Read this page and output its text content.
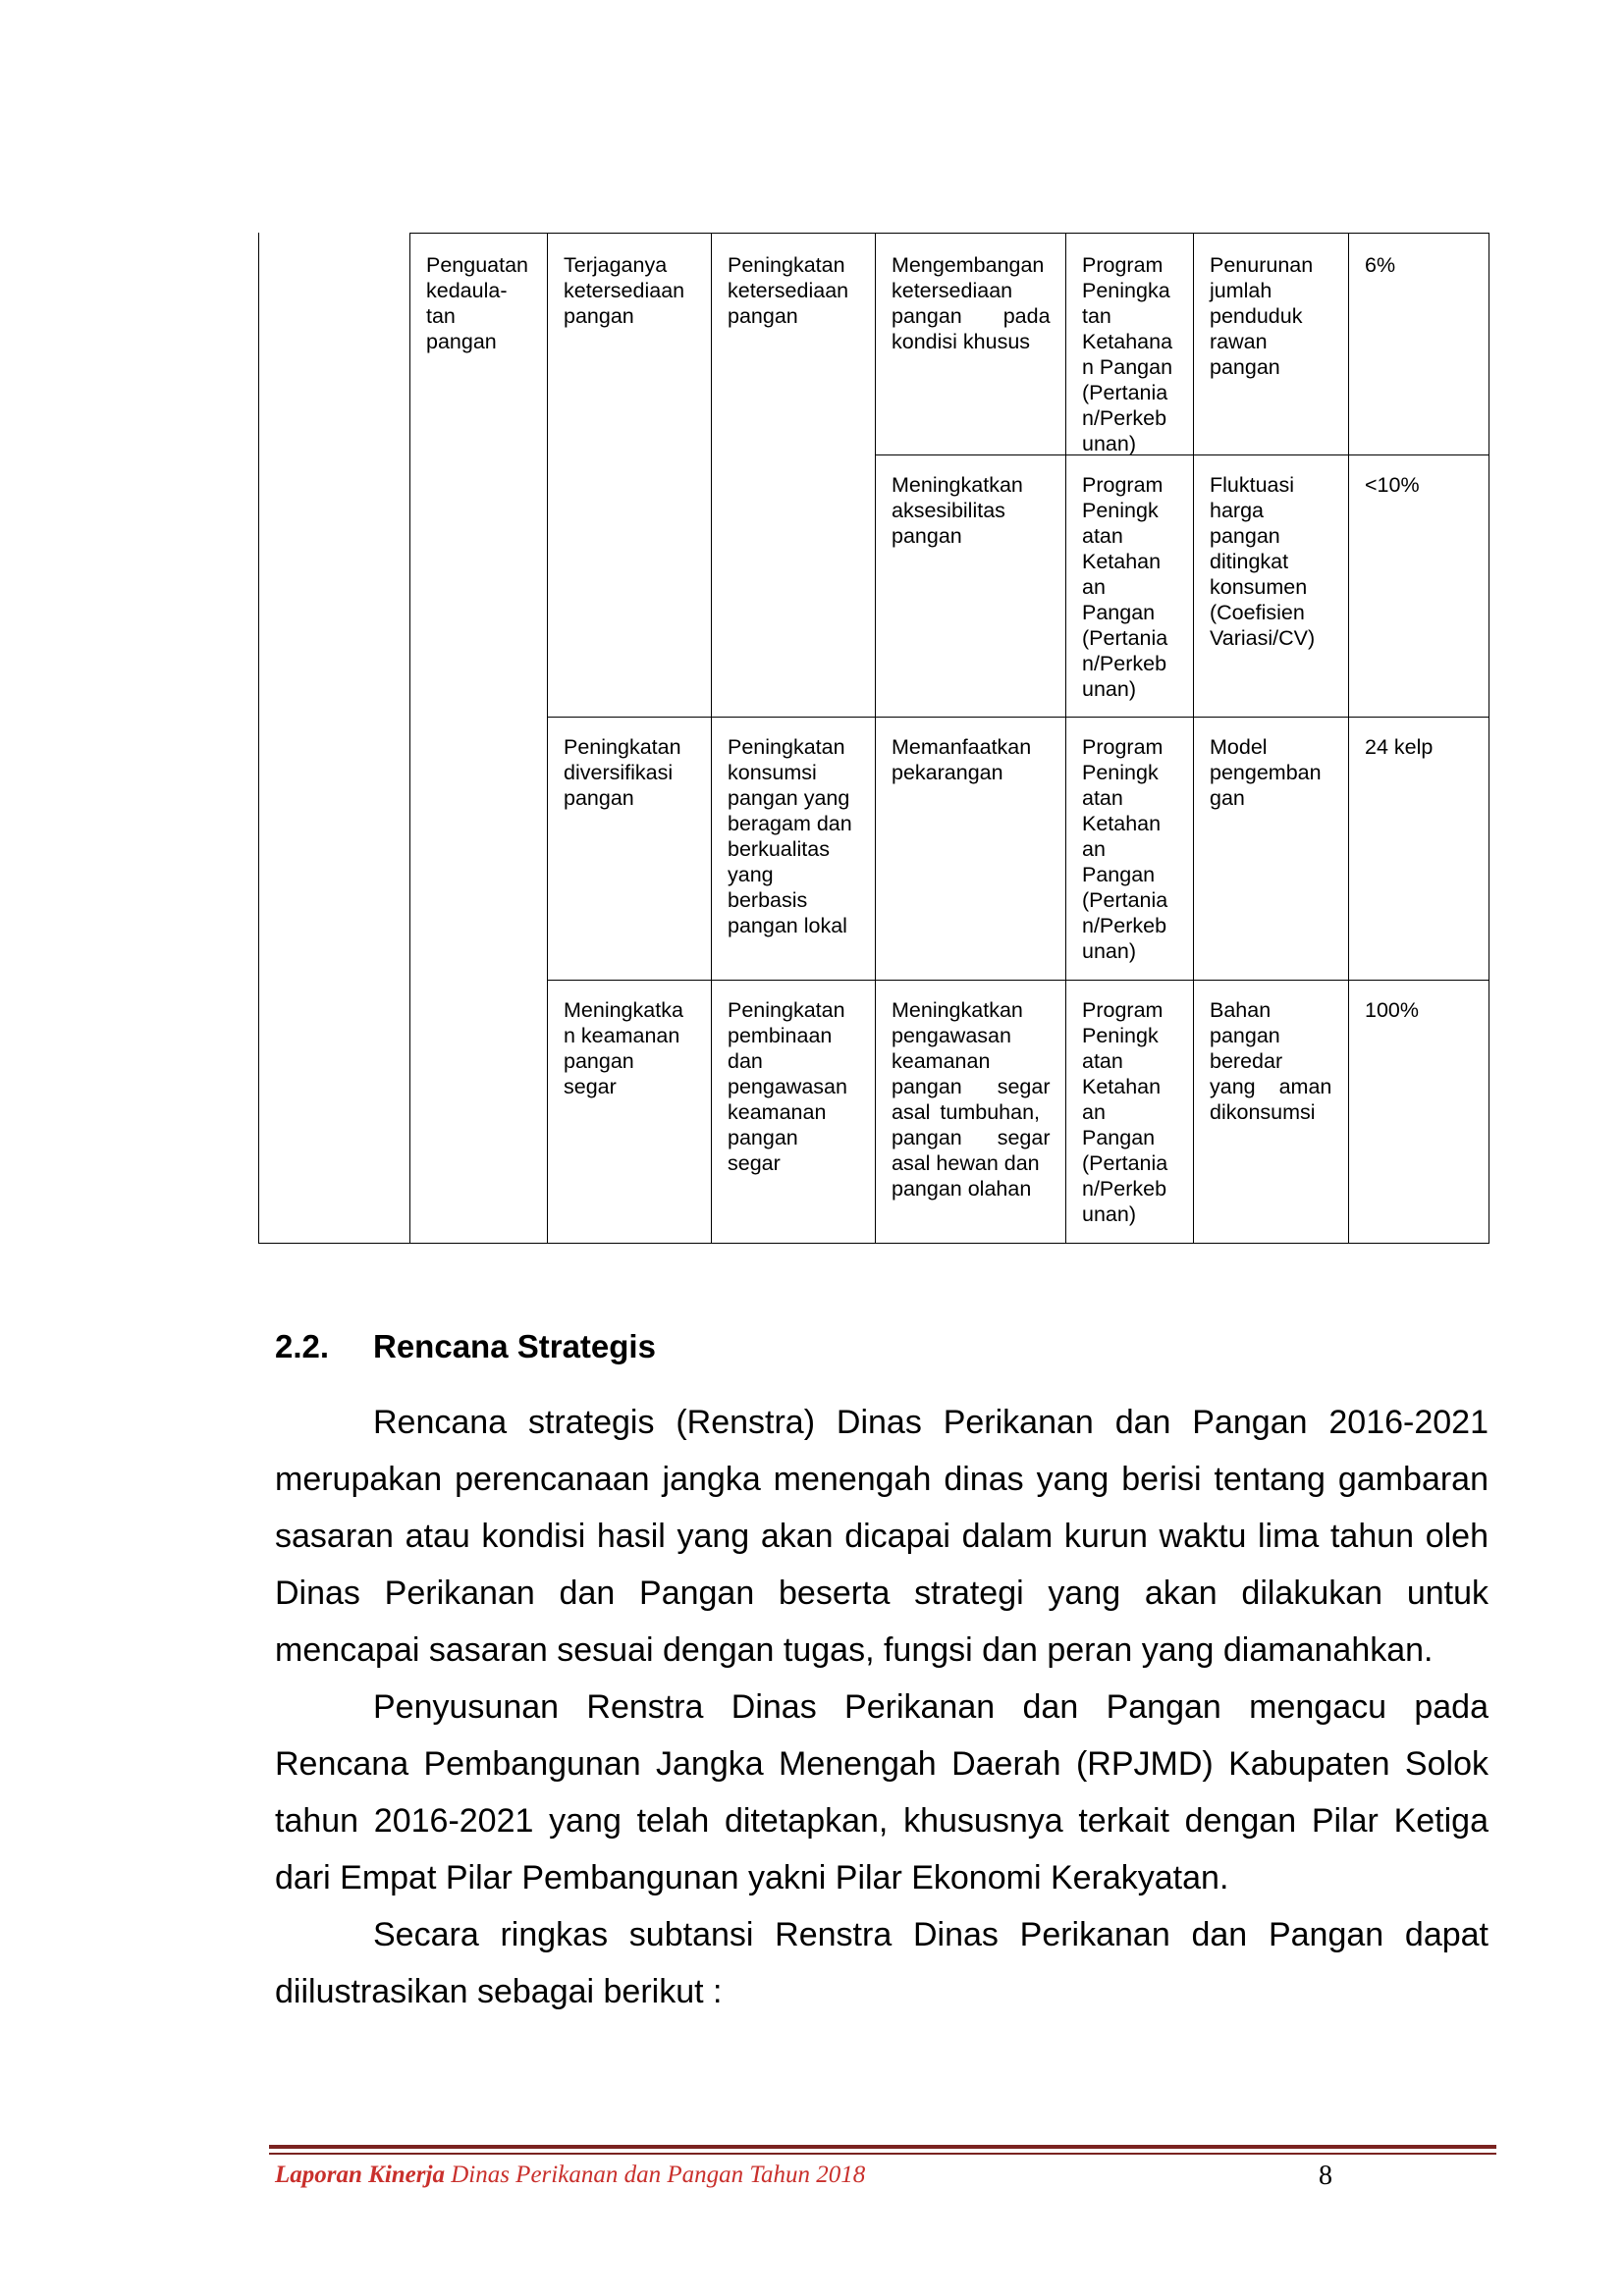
Penguatan
kedaula-
tan
pangan
Terjaganya
ketersediaan
pangan
Peningkatan
ketersediaan
pangan
Mengembangan
ketersediaan
pangan pada
kondisi khusus
Program
Peningka
tan
Ketahana
n Pangan
(Pertania
n/Perkeb
unan)
Penurunan
jumlah
penduduk
rawan
pangan
6%
Meningkatkan
aksesibilitas
pangan
Program
Peningk
atan
Ketahan
an
Pangan
(Pertania
n/Perkeb
unan)
Fluktuasi
harga
pangan
ditingkat
konsumen
(Coefisien
Variasi/CV)
<10%
Peningkatan
diversifikasi
pangan
Peningkatan
konsumsi
pangan yang
beragam dan
berkualitas
yang
berbasis
pangan lokal
Memanfaatkan
pekarangan
Program
Peningk
atan
Ketahan
an
Pangan
(Pertania
n/Perkeb
unan)
Model
pengemban
gan
24 kelp
Meningkatka
n keamanan
pangan
segar
Peningkatan
pembinaan
dan
pengawasan
keamanan
pangan
segar
Meningkatkan
pengawasan
keamanan
pangan segar
asal tumbuhan,
pangan segar
asal hewan dan
pangan olahan
Program
Peningk
atan
Ketahan
an
Pangan
(Pertania
n/Perkeb
unan)
Bahan
pangan
beredar
yang aman
dikonsumsi
100%
2.2. Rencana Strategis

Rencana strategis (Renstra) Dinas Perikanan dan Pangan 2016-2021 merupakan perencanaan jangka menengah dinas yang berisi tentang gambaran sasaran atau kondisi hasil yang akan dicapai dalam kurun waktu lima tahun oleh Dinas Perikanan dan Pangan beserta strategi yang akan dilakukan untuk mencapai sasaran sesuai dengan tugas, fungsi dan peran yang diamanahkan.

Penyusunan Renstra Dinas Perikanan dan Pangan mengacu pada Rencana Pembangunan Jangka Menengah Daerah (RPJMD) Kabupaten Solok tahun 2016-2021 yang telah ditetapkan, khususnya terkait dengan Pilar Ketiga dari Empat Pilar Pembangunan yakni Pilar Ekonomi Kerakyatan.

Secara ringkas subtansi Renstra Dinas Perikanan dan Pangan dapat diilustrasikan sebagai berikut :

Laporan Kinerja Dinas Perikanan dan Pangan Tahun 2018	8
